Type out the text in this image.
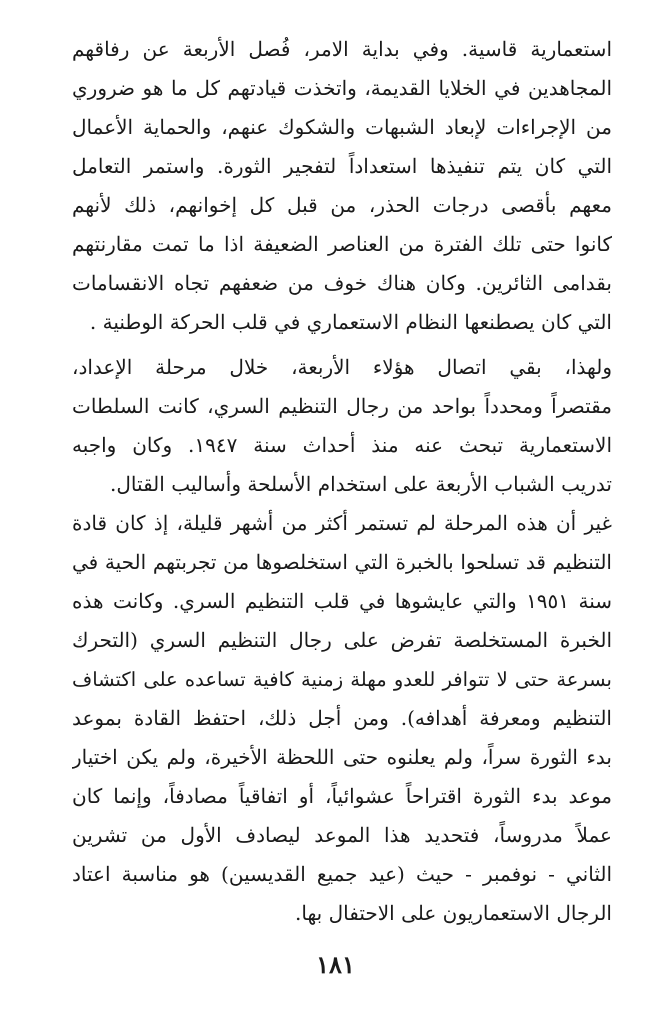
استعمارية قاسية. وفي بداية الامر، فُصل الأربعة عن رفاقهم
المجاهدين في الخلايا القديمة، واتخذت قيادتهم كل ما هو ضروري
من الإجراءات لإبعاد الشبهات والشكوك عنهم، والحماية الأعمال
التي كان يتم تنفيذها استعداداً لتفجير الثورة. واستمر التعامل
معهم بأقصى درجات الحذر، من قبل كل إخوانهم، ذلك لأنهم
كانوا حتى تلك الفترة من العناصر الضعيفة اذا ما تمت مقارنتهم
بقدامى الثائرين. وكان هناك خوف من ضعفهم تجاه الانقسامات
التي كان يصطنعها النظام الاستعماري في قلب الحركة الوطنية .
ولهذا، بقي اتصال هؤلاء الأربعة، خلال مرحلة الإعداد،
مقتصراً ومحدداً بواحد من رجال التنظيم السري، كانت السلطات
الاستعمارية تبحث عنه منذ أحداث سنة ١٩٤٧. وكان واجبه
تدريب الشباب الأربعة على استخدام الأسلحة وأساليب القتال.
غير أن هذه المرحلة لم تستمر أكثر من أشهر قليلة، إذ كان قادة
التنظيم قد تسلحوا بالخبرة التي استخلصوها من تجربتهم الحية في
سنة ١٩٥١ والتي عايشوها في قلب التنظيم السري. وكانت هذه
الخبرة المستخلصة تفرض على رجال التنظيم السري (التحرك
بسرعة حتى لا تتوافر للعدو مهلة زمنية كافية تساعده على اكتشاف
التنظيم ومعرفة أهدافه). ومن أجل ذلك، احتفظ القادة بموعد
بدء الثورة سراً، ولم يعلنوه حتى اللحظة الأخيرة، ولم يكن اختيار
موعد بدء الثورة اقتراحاً عشوائياً، أو اتفاقياً مصادفاً، وإنما كان
عملاً مدروساً، فتحديد هذا الموعد ليصادف الأول من تشرين
الثاني - نوفمبر - حيث (عيد جميع القديسين) هو مناسبة اعتاد
الرجال الاستعماريون على الاحتفال بها.
١٨١
